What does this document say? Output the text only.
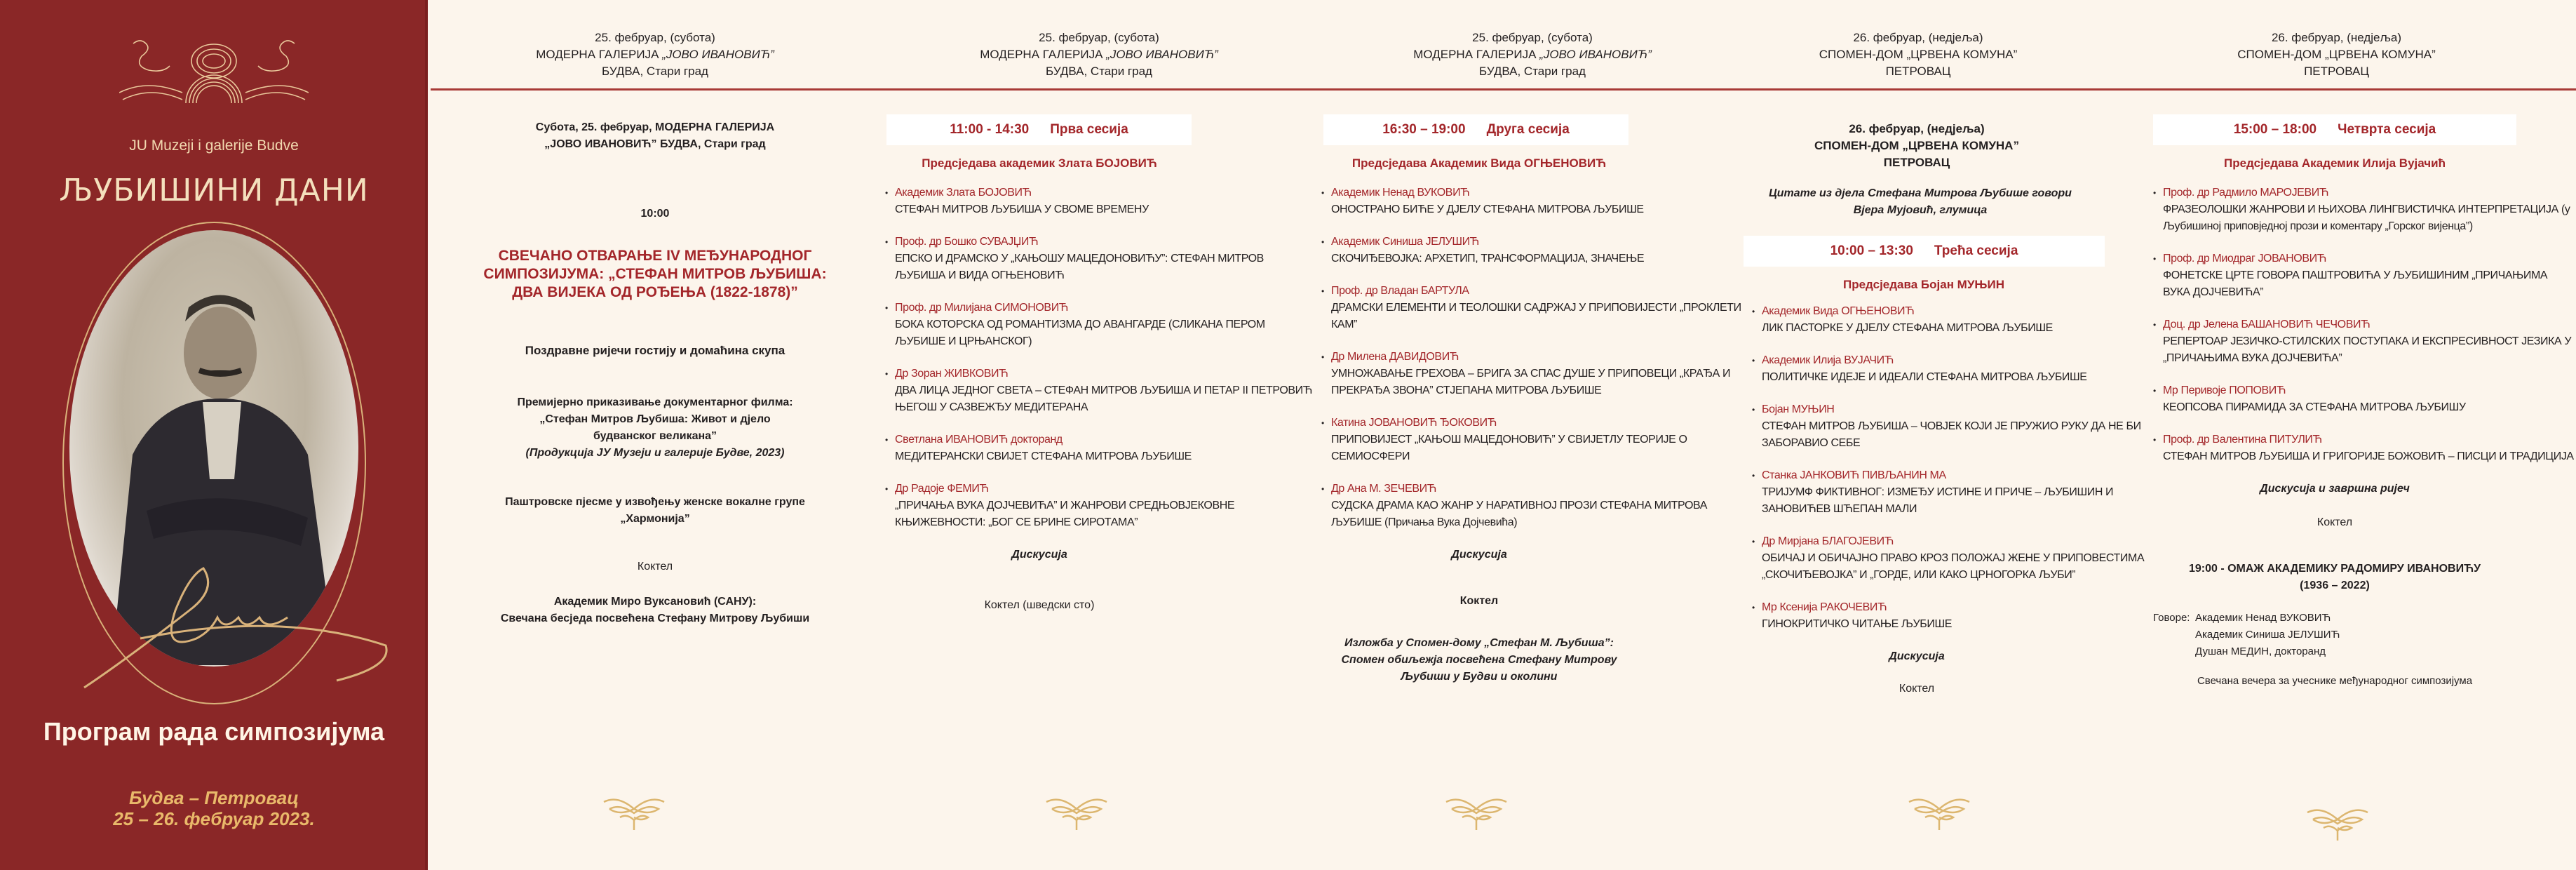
JU Muzeji i galerije Budve
ЉУБИШИНИ ДАНИ
Програм рада симпозијума
Будва – Петровац
25 – 26. фебруар 2023.
25. фебруар, (субота)
МОДЕРНА ГАЛЕРИЈА „ЈОВО ИВАНОВИЋ”
БУДВА, Стари град
Субота, 25. фебруар, МОДЕРНА ГАЛЕРИЈА
„ЈОВО ИВАНОВИЋ” БУДВА, Стари град
10:00
СВЕЧАНО ОТВАРАЊЕ IV МЕЂУНАРОДНОГ СИМПОЗИЈУМА: „СТЕФАН МИТРОВ ЉУБИША: ДВА ВИЈЕКА ОД РОЂЕЊА (1822-1878)”
Поздравне ријечи гостију и домаћина скупа
Премијерно приказивање документарног филма:
„Стефан Митров Љубиша: Живот и дјело будванског великана”
(Продукција ЈУ Музеји и галерије Будве, 2023)
Паштровске пјесме у извођењу женске вокалне групе „Хармонија”
Коктел
Академик Миро Вуксановић (САНУ):
Свечана бесједа посвећена Стефану Митрову Љубиши
25. фебруар, (субота)
МОДЕРНА ГАЛЕРИЈА „ЈОВО ИВАНОВИЋ”
БУДВА, Стари град
11:00 - 14:30 Прва сесија
Предсједава академик Злата БОЈОВИЋ
• Академик Злата БОЈОВИЋ
СТЕФАН МИТРОВ ЉУБИША У СВОМЕ ВРЕМЕНУ
• Проф. др Бошко СУВАЈЏИЋ
ЕПСКО И ДРАМСКО У „КАЊОШУ МАЦЕДОНОВИЋУ”: СТЕФАН МИТРОВ ЉУБИША И ВИДА ОГЊЕНОВИЋ
• Проф. др Милијана СИМОНОВИЋ
БОКА КОТОРСКА ОД РОМАНТИЗМА ДО АВАНГАРДЕ (СЛИКАНА ПЕРОМ ЉУБИШЕ И ЦРЊАНСКОГ)
• Др Зоран ЖИВКОВИЋ
ДВА ЛИЦА ЈЕДНОГ СВЕТА – СТЕФАН МИТРОВ ЉУБИША И ПЕТАР II ПЕТРОВИЋ ЊЕГОШ У САЗВЕЖЂУ МЕДИТЕРАНА
• Светлана ИВАНОВИЋ докторанд
МЕДИТЕРАНСКИ СВИЈЕТ СТЕФАНА МИТРОВА ЉУБИШЕ
• Др Радоје ФЕМИЋ
„ПРИЧАЊА ВУКА ДОЈЧЕВИЋА” И ЖАНРОВИ СРЕДЊОВЈЕКОВНЕ КЊИЖЕВНОСТИ: „БОГ СЕ БРИНЕ СИРОТАМА”
Дискусија
Коктел (шведски сто)
25. фебруар, (субота)
МОДЕРНА ГАЛЕРИЈА „ЈОВО ИВАНОВИЋ”
БУДВА, Стари град
16:30 – 19:00 Друга сесија
Предсједава Академик Вида ОГЊЕНОВИЋ
• Академик Ненад ВУКОВИЋ
ОНОСТРАНО БИЋЕ У ДЈЕЛУ СТЕФАНА МИТРОВА ЉУБИШЕ
• Академик Синиша ЈЕЛУШИЋ
СКОЧИЂЕВОЈКА: АРХЕТИП, ТРАНСФОРМАЦИЈА, ЗНАЧЕЊЕ
• Проф. др Владан БАРТУЛА
ДРАМСКИ ЕЛЕМЕНТИ И ТЕОЛОШКИ САДРЖАЈ У ПРИПОВИЈЕСТИ „ПРОКЛЕТИ КАМ”
• Др Милена ДАВИДОВИЋ
УМНОЖАВАЊЕ ГРЕХОВА – БРИГА ЗА СПАС ДУШЕ У ПРИПОВЕЦИ „КРАЂА И ПРЕКРАЂА ЗВОНА” СТЈЕПАНА МИТРОВА ЉУБИШЕ
• Катина ЈОВАНОВИЋ ЂОКОВИЋ
ПРИПОВИЈЕСТ „КАЊОШ МАЦЕДОНОВИЋ” У СВИЈЕТЛУ ТЕОРИЈЕ О СЕМИОСФЕРИ
• Др Ана М. ЗЕЧЕВИЋ
СУДСКА ДРАМА КАО ЖАНР У НАРАТИВНОЈ ПРОЗИ СТЕФАНА МИТРОВА ЉУБИШЕ (Причања Вука Дојчевића)
Дискусија
Коктел
Изложба у Спомен-дому „Стефан М. Љубиша”: Спомен обиљежја посвећена Стефану Митрову Љубиши у Будви и околини
26. фебруар, (недјеља)
СПОМЕН-ДОМ „ЦРВЕНА КОМУНА”
ПЕТРОВАЦ
26. фебруар, (недјеља)
СПОМЕН-ДОМ „ЦРВЕНА КОМУНА”
ПЕТРОВАЦ
Цитате из дјела Стефана Митрова Љубише говори Вјера Мујовић, глумица
10:00 – 13:30 Трећа сесија
Предсједава Бојан МУЊИН
• Академик Вида ОГЊЕНОВИЋ
ЛИК ПАСТОРКЕ У ДЈЕЛУ СТЕФАНА МИТРОВА ЉУБИШЕ
• Академик Илија ВУЈАЧИЋ
ПОЛИТИЧКЕ ИДЕЈЕ И ИДЕАЛИ СТЕФАНА МИТРОВА ЉУБИШЕ
• Бојан МУЊИН
СТЕФАН МИТРОВ ЉУБИША – ЧОВЈЕК КОЈИ ЈЕ ПРУЖИО РУКУ ДА НЕ БИ ЗАБОРАВИО СЕБЕ
• Станка ЈАНКОВИЋ ПИВЉАНИН МА
ТРИЈУМФ ФИКТИВНОГ: ИЗМЕЂУ ИСТИНЕ И ПРИЧЕ – ЉУБИШИН И ЗАНОВИЋЕВ ШЋЕПАН МАЛИ
• Др Мирјана БЛАГОЈЕВИЋ
ОБИЧАЈ И ОБИЧАЈНО ПРАВО КРОЗ ПОЛОЖАЈ ЖЕНЕ У ПРИПОВЕСТИМА „СКОЧИЂЕВОЈКА” И „ГОРДЕ, ИЛИ КАКО ЦРНОГОРКА ЉУБИ”
• Мр Ксенија РАКОЧЕВИЋ
ГИНОКРИТИЧКО ЧИТАЊЕ ЉУБИШЕ
Дискусија
Коктел
26. фебруар, (недјеља)
СПОМЕН-ДОМ „ЦРВЕНА КОМУНА”
ПЕТРОВАЦ
15:00 – 18:00 Четврта сесија
Предсједава Академик Илија Вујачић
• Проф. др Радмило МАРОЈЕВИЋ
ФРАЗЕОЛОШКИ ЖАНРОВИ И ЊИХОВА ЛИНГВИСТИЧКА ИНТЕРПРЕТАЦИЈА (у Љубишиној приповједној прози и коментару „Горског вијенца”)
• Проф. др Миодраг ЈОВАНОВИЋ
ФОНЕТСКЕ ЦРТЕ ГОВОРА ПАШТРОВИЋА У ЉУБИШИНИМ „ПРИЧАЊИМА ВУКА ДОЈЧЕВИЋА”
• Доц. др Јелена БАШАНОВИЋ ЧЕЧОВИЋ
РЕПЕРТОАР ЈЕЗИЧКО-СТИЛСКИХ ПОСТУПАКА И ЕКСПРЕСИВНОСТ ЈЕЗИКА У „ПРИЧАЊИМА ВУКА ДОЈЧЕВИЋА”
• Мр Перивоје ПОПОВИЋ
КЕОПСОВА ПИРАМИДА ЗА СТЕФАНА МИТРОВА ЉУБИШУ
• Проф. др Валентина ПИТУЛИЋ
СТЕФАН МИТРОВ ЉУБИША И ГРИГОРИЈЕ БОЖОВИЋ – ПИСЦИ И ТРАДИЦИЈА
Дискусија и завршна ријеч
Коктел
19:00 - ОМАЖ АКАДЕМИКУ РАДОМИРУ ИВАНОВИЋУ
(1936 – 2022)
Говоре: Академик Ненад ВУКОВИЋ
Академик Синиша ЈЕЛУШИЋ
Душан МЕДИН, докторанд
Свечана вечера за учеснике међународног симпозијума
